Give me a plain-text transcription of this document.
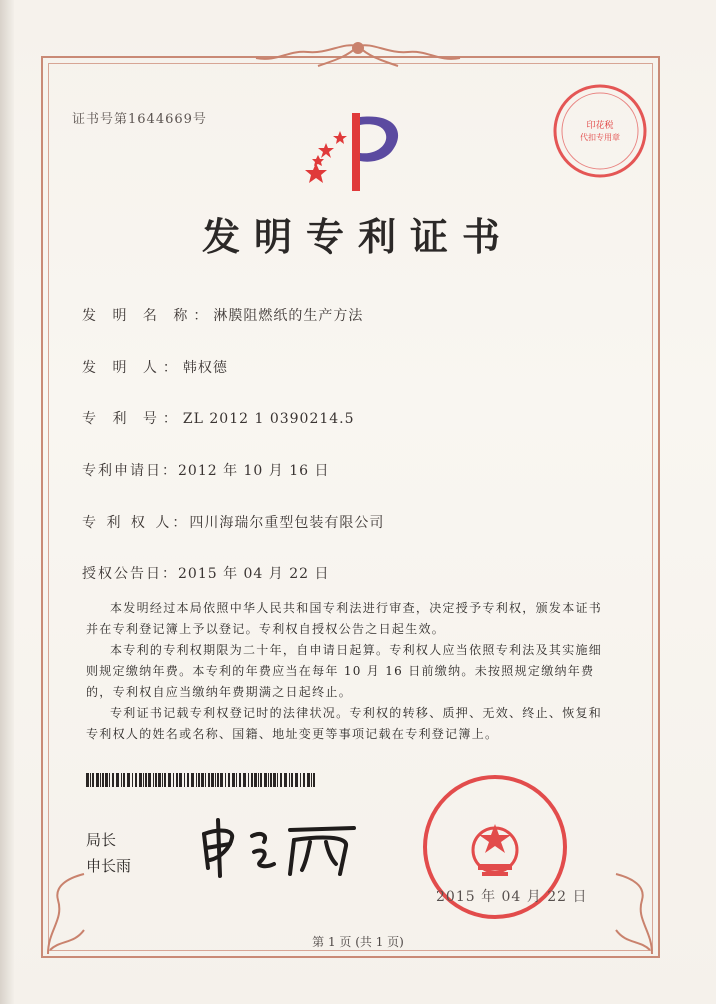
证书号第1644669号	印花税
代扣专用章
发明专利证书
发 明 名 称：淋膜阻燃纸的生产方法
发 明 人：韩权德
专 利 号：ZL 2012 1 0390214.5
专利申请日：2012 年 10 月 16 日
专 利 权 人：四川海瑞尔重型包装有限公司
授权公告日：2015 年 04 月 22 日

本发明经过本局依照中华人民共和国专利法进行审查，决定授予专利权，颁发本证书并在专利登记簿上予以登记。专利权自授权公告之日起生效。

本专利的专利权期限为二十年，自申请日起算。专利权人应当依照专利法及其实施细则规定缴纳年费。本专利的年费应当在每年 10 月 16 日前缴纳。未按照规定缴纳年费的，专利权自应当缴纳年费期满之日起终止。

专利证书记载专利权登记时的法律状况。专利权的转移、质押、无效、终止、恢复和专利权人的姓名或名称、国籍、地址变更等事项记载在专利登记簿上。

局长
申长雨
2015 年 04 月 22 日
第 1 页 (共 1 页)
